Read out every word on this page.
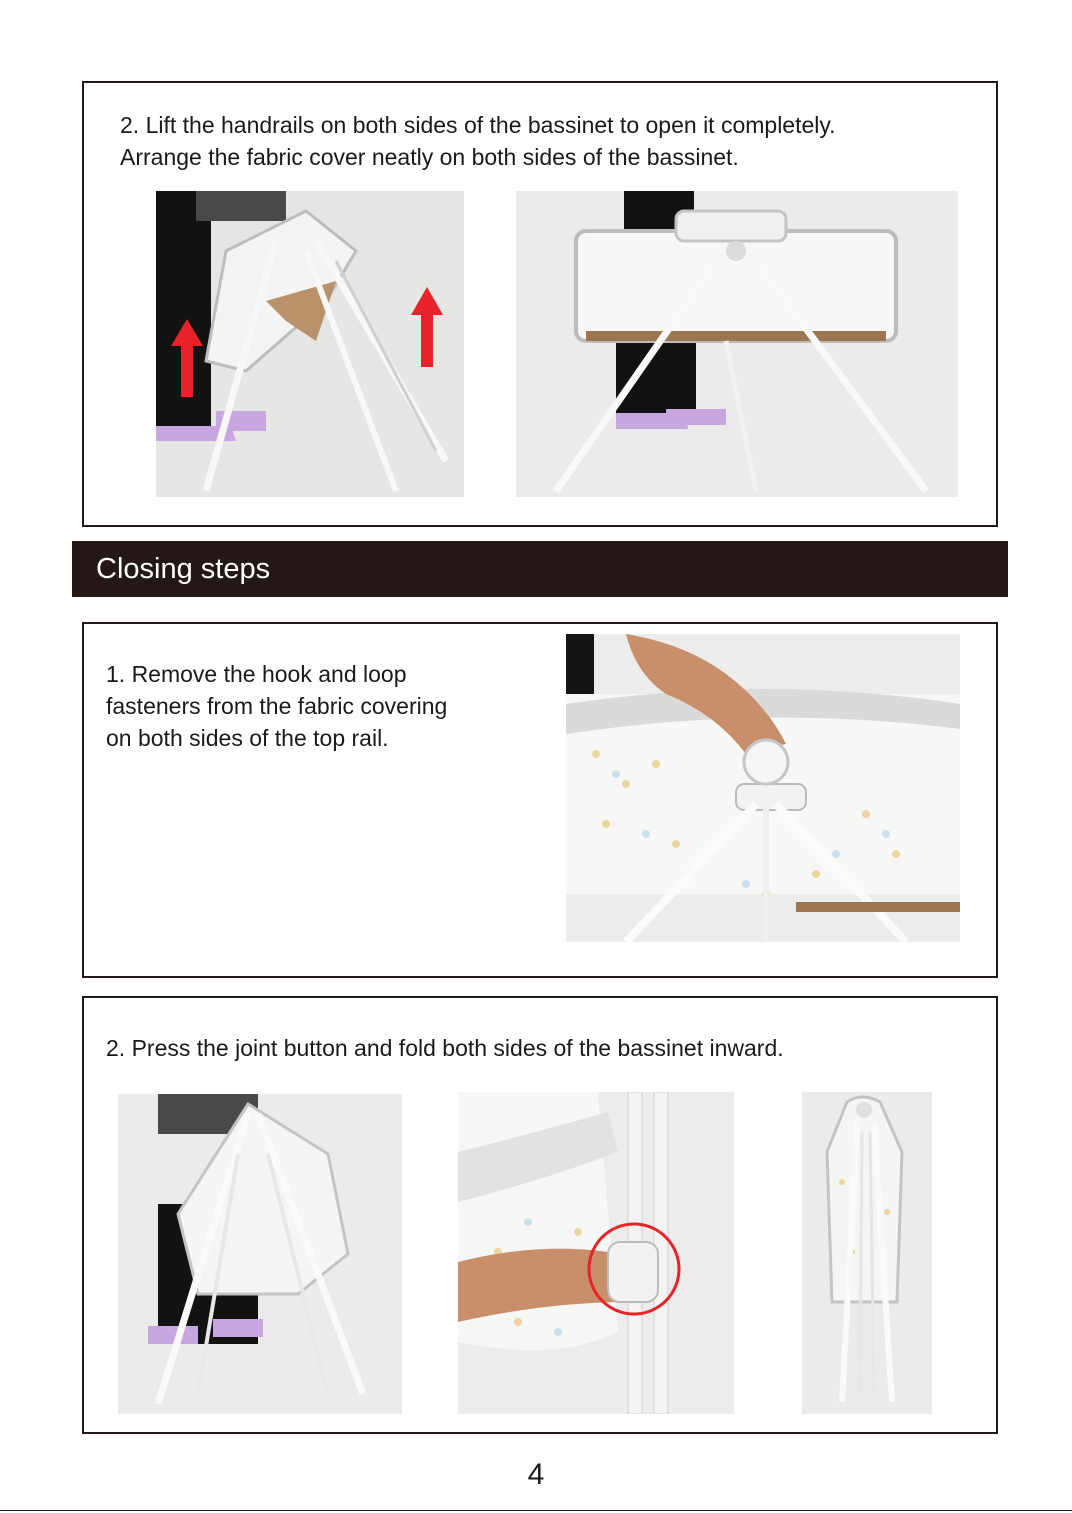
2. Lift the handrails on both sides of the bassinet to open it completely.
Arrange the fabric cover neatly on both sides of the bassinet.
Closing steps
1. Remove the hook and loop
fasteners from the fabric covering
on both sides of the top rail.
2. Press the joint button and fold both sides of the bassinet inward.
4
